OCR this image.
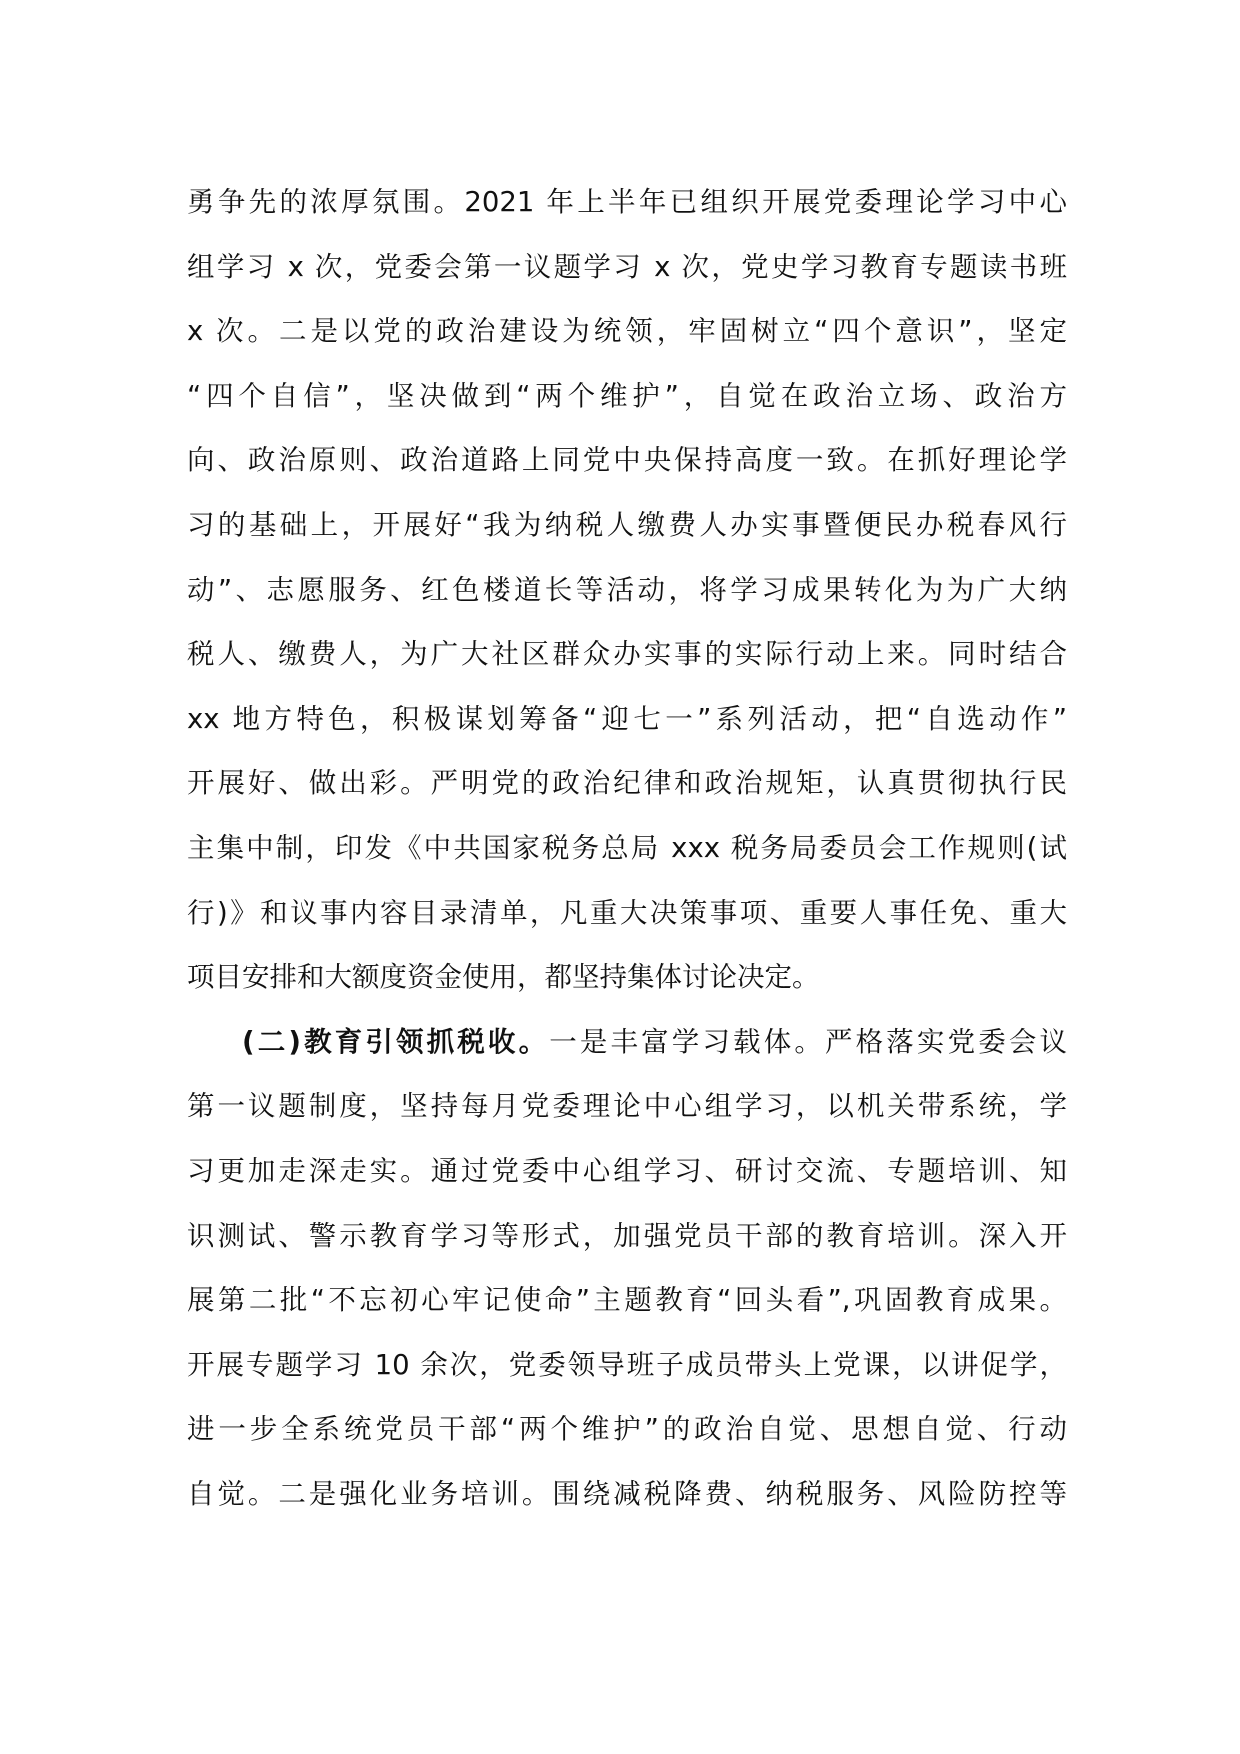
勇争先的浓厚氛围。2021 年上半年已组织开展党委理论学习中心
组学习 x 次，党委会第一议题学习 x 次，党史学习教育专题读书班
x 次。二是以党的政治建设为统领，牢固树立“四个意识”，坚定
“四个自信”，坚决做到“两个维护”，自觉在政治立场、政治方
向、政治原则、政治道路上同党中央保持高度一致。在抓好理论学
习的基础上，开展好“我为纳税人缴费人办实事暨便民办税春风行
动”、志愿服务、红色楼道长等活动，将学习成果转化为为广大纳
税人、缴费人，为广大社区群众办实事的实际行动上来。同时结合
xx 地方特色，积极谋划筹备“迎七一”系列活动，把“自选动作”
开展好、做出彩。严明党的政治纪律和政治规矩，认真贯彻执行民
主集中制，印发《中共国家税务总局 xxx 税务局委员会工作规则(试
行)》和议事内容目录清单，凡重大决策事项、重要人事任免、重大
项目安排和大额度资金使用，都坚持集体讨论决定。
(二)教育引领抓税收。一是丰富学习载体。严格落实党委会议
第一议题制度，坚持每月党委理论中心组学习，以机关带系统，学
习更加走深走实。通过党委中心组学习、研讨交流、专题培训、知
识测试、警示教育学习等形式，加强党员干部的教育培训。深入开
展第二批“不忘初心牢记使命”主题教育“回头看”,巩固教育成果。
开展专题学习 10 余次，党委领导班子成员带头上党课，以讲促学，
进一步全系统党员干部“两个维护”的政治自觉、思想自觉、行动
自觉。二是强化业务培训。围绕减税降费、纳税服务、风险防控等
